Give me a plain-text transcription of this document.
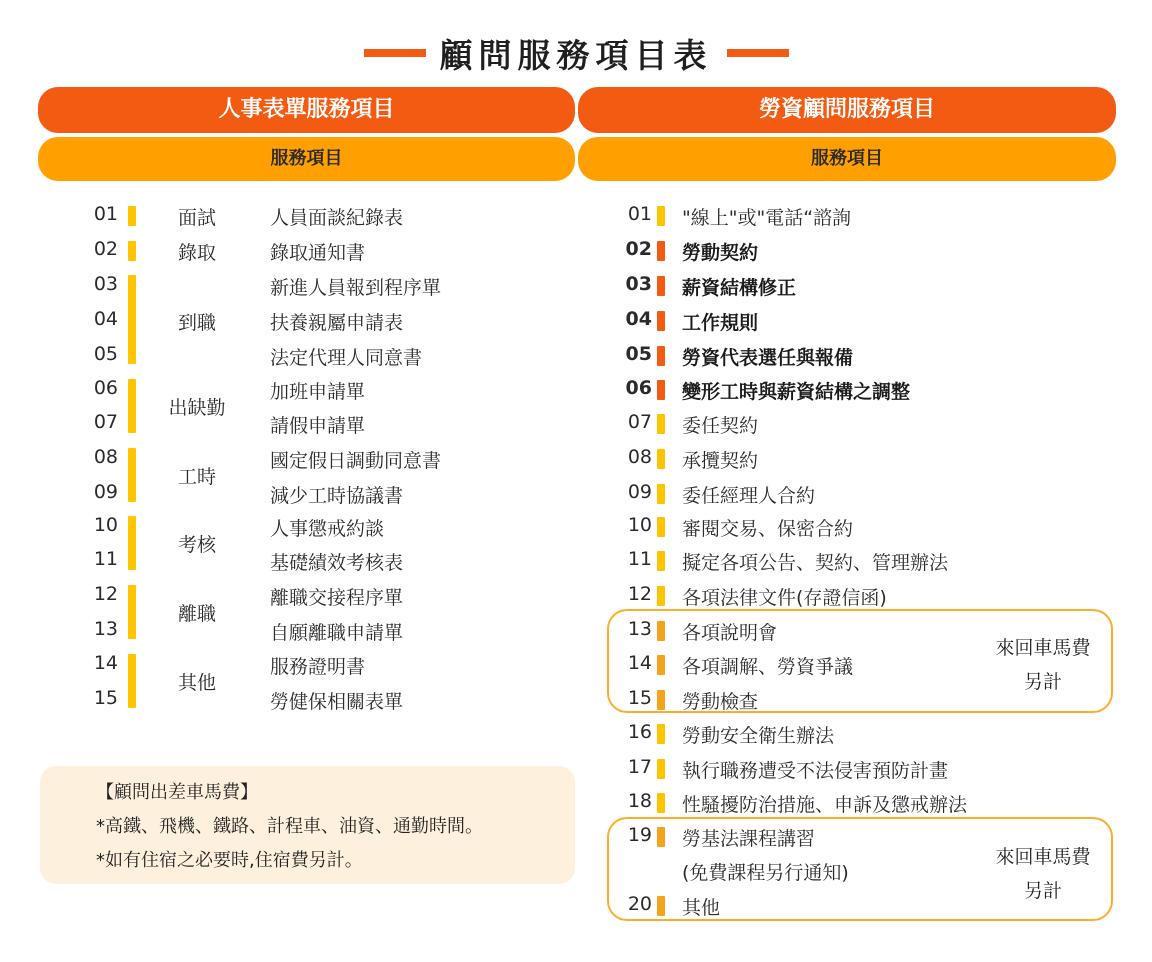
顧問服務項目表
人事表單服務項目
服務項目
勞資顧問服務項目
服務項目
01
02
03
04
05
06
07
08
09
10
11
12
13
14
15
面試
錄取
到職
出缺勤
工時
考核
離職
其他
人員面談紀錄表
錄取通知書
新進人員報到程序單
扶養親屬申請表
法定代理人同意書
加班申請單
請假申請單
國定假日調動同意書
減少工時協議書
人事懲戒約談
基礎績效考核表
離職交接程序單
自願離職申請單
服務證明書
勞健保相關表單
【顧問出差車馬費】
*高鐵、飛機、鐵路、計程車、油資、通勤時間。
*如有住宿之必要時,住宿費另計。
01
02
03
04
05
06
07
08
09
10
11
12
13
14
15
16
17
18
19
20
"線上"或"電話“諮詢
勞動契約
薪資結構修正
工作規則
勞資代表選任與報備
變形工時與薪資結構之調整
委任契約
承攬契約
委任經理人合約
審閱交易、保密合約
擬定各項公告、契約、管理辦法
各項法律文件(存證信函)
各項說明會
各項調解、勞資爭議
勞動檢查
勞動安全衛生辦法
執行職務遭受不法侵害預防計畫
性騷擾防治措施、申訴及懲戒辦法
勞基法課程講習
(免費課程另行通知)
其他
來回車馬費
另計
來回車馬費
另計
